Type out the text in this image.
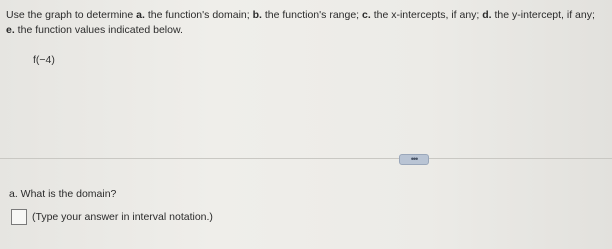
Use the graph to determine a. the function's domain; b. the function's range; c. the x-intercepts, if any; d. the y-intercept, if any; e. the function values indicated below.
f(−4)
•••
a. What is the domain?
(Type your answer in interval notation.)
